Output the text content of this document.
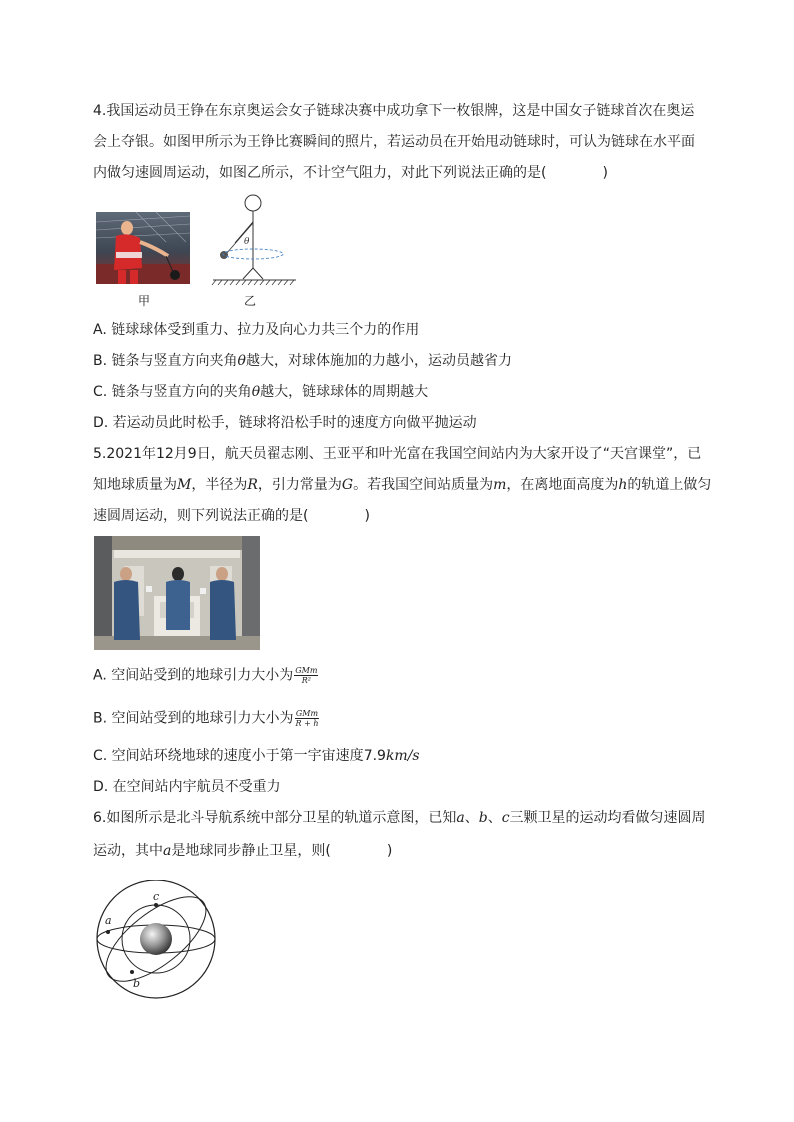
4.我国运动员王铮在东京奥运会女子链球决赛中成功拿下一枚银牌，这是中国女子链球首次在奥运
会上夺银。如图甲所示为王铮比赛瞬间的照片，若运动员在开始甩动链球时，可认为链球在水平面
内做匀速圆周运动，如图乙所示，不计空气阻力，对此下列说法正确的是(	)
甲
θ
乙
A. 链球球体受到重力、拉力及向心力共三个力的作用
B. 链条与竖直方向夹角θ越大，对球体施加的力越小，运动员越省力
C. 链条与竖直方向的夹角θ越大，链球球体的周期越大
D. 若运动员此时松手，链球将沿松手时的速度方向做平抛运动
5.2021年12月9日，航天员翟志刚、王亚平和叶光富在我国空间站内为大家开设了“天宫课堂”，已
知地球质量为M，半径为R，引力常量为G。若我国空间站质量为m，在离地面高度为h的轨道上做匀
速圆周运动，则下列说法正确的是(	)
A. 空间站受到的地球引力大小为 $\frac{\text{GMm}}{\text{R²}}$
B. 空间站受到的地球引力大小为 $\frac{\text{GMm}}{R + h}$
C. 空间站环绕地球的速度小于第一宇宙速度7.9km/s
D. 在空间站内宇航员不受重力
6.如图所示是北斗导航系统中部分卫星的轨道示意图，已知a、b、c三颗卫星的运动均看做匀速圆周
运动，其中a是地球同步静止卫星，则(	)
a
c
b
